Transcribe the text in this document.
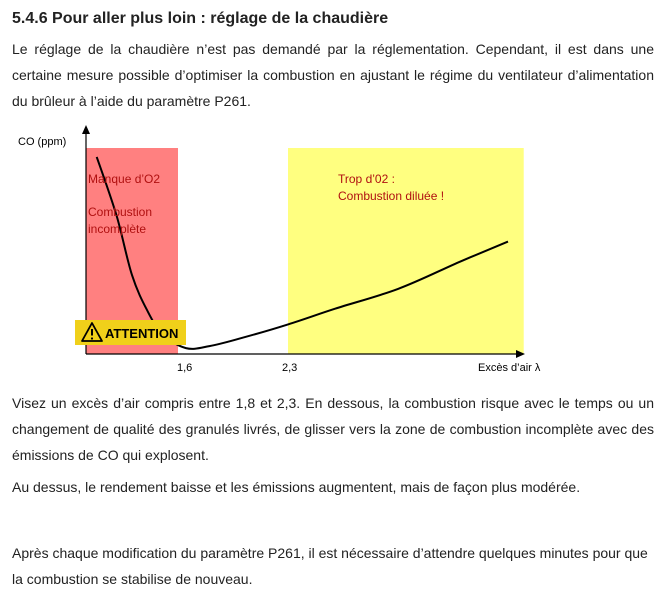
5.4.6 Pour aller plus loin : réglage de la chaudière
Le réglage de la chaudière n’est pas demandé par la réglementation. Cependant, il est dans une certaine mesure possible d’optimiser la combustion en ajustant le régime du ventilateur d’alimentation du brûleur à l’aide du paramètre P261.
Manque d’O2
Combustion
incomplète
Trop d’02 :
Combustion diluée !
ATTENTION
CO (ppm)
Excès d’air λ
1,6	2,3
Visez un excès d’air compris entre 1,8 et 2,3. En dessous, la combustion risque avec le temps ou un changement de qualité des granulés livrés, de glisser vers la zone de combustion incomplète avec des émissions de CO qui explosent.
Au dessus, le rendement baisse et les émissions augmentent, mais de façon plus modérée.
Après chaque modification du paramètre P261, il est nécessaire d’attendre quelques minutes pour que la combustion se stabilise de nouveau.
